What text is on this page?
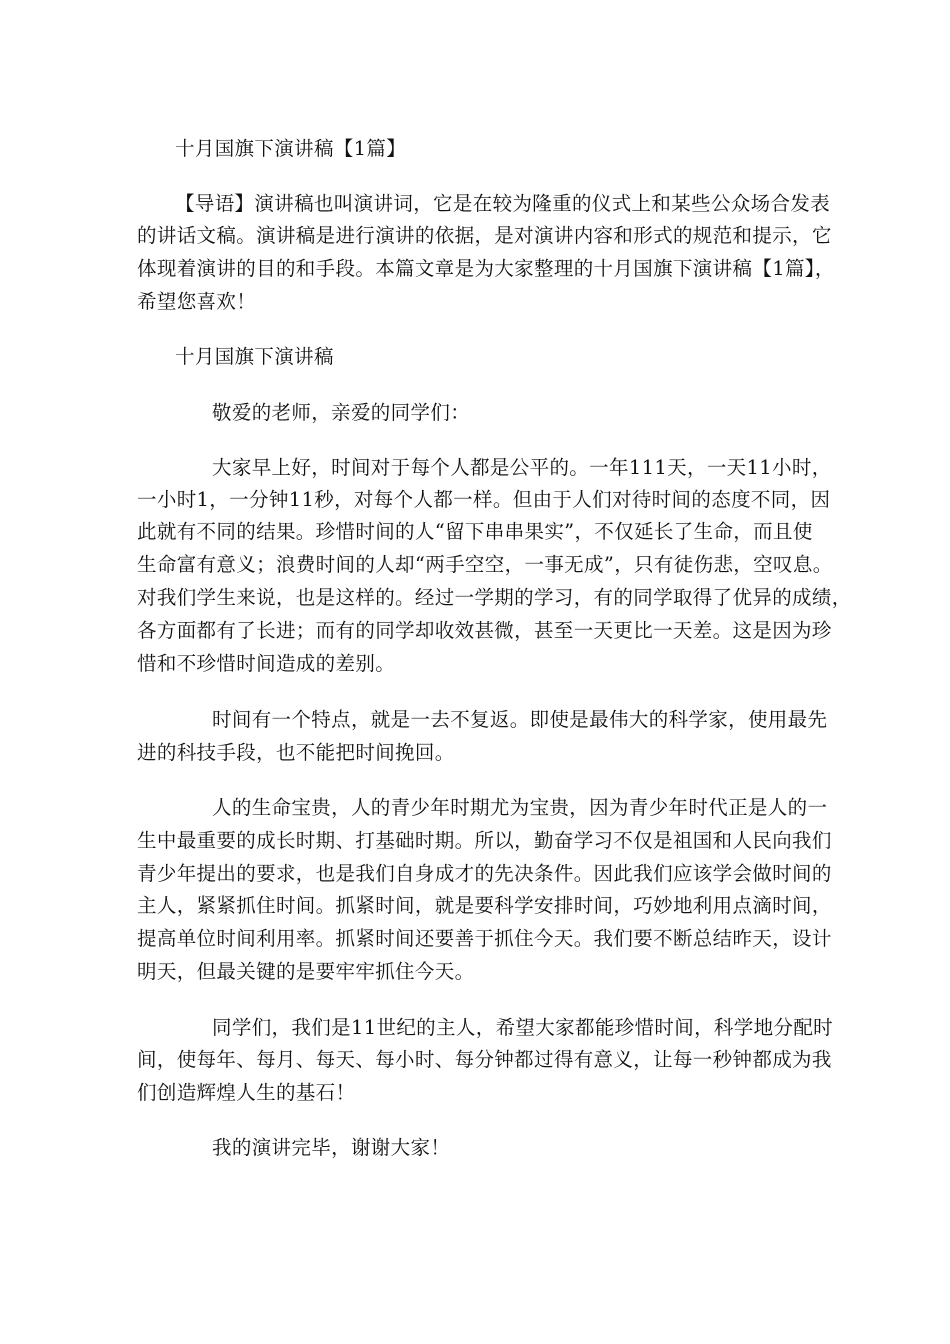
十月国旗下演讲稿【1篇】
【导语】演讲稿也叫演讲词，它是在较为隆重的仪式上和某些公众场合发表
的讲话文稿。演讲稿是进行演讲的依据，是对演讲内容和形式的规范和提示，它
体现着演讲的目的和手段。本篇文章是为大家整理的十月国旗下演讲稿【1篇】，
希望您喜欢！
十月国旗下演讲稿
敬爱的老师，亲爱的同学们：
大家早上好，时间对于每个人都是公平的。一年111天，一天11小时，
一小时1，一分钟11秒，对每个人都一样。但由于人们对待时间的态度不同，因
此就有不同的结果。珍惜时间的人“留下串串果实”，不仅延长了生命，而且使
生命富有意义；浪费时间的人却“两手空空，一事无成”，只有徒伤悲，空叹息。
对我们学生来说，也是这样的。经过一学期的学习，有的同学取得了优异的成绩，
各方面都有了长进；而有的同学却收效甚微，甚至一天更比一天差。这是因为珍
惜和不珍惜时间造成的差别。
时间有一个特点，就是一去不复返。即使是最伟大的科学家，使用最先
进的科技手段，也不能把时间挽回。
人的生命宝贵，人的青少年时期尤为宝贵，因为青少年时代正是人的一
生中最重要的成长时期、打基础时期。所以，勤奋学习不仅是祖国和人民向我们
青少年提出的要求，也是我们自身成才的先决条件。因此我们应该学会做时间的
主人，紧紧抓住时间。抓紧时间，就是要科学安排时间，巧妙地利用点滴时间，
提高单位时间利用率。抓紧时间还要善于抓住今天。我们要不断总结昨天，设计
明天，但最关键的是要牢牢抓住今天。
同学们，我们是11世纪的主人，希望大家都能珍惜时间，科学地分配时
间，使每年、每月、每天、每小时、每分钟都过得有意义，让每一秒钟都成为我
们创造辉煌人生的基石！
我的演讲完毕，谢谢大家！
